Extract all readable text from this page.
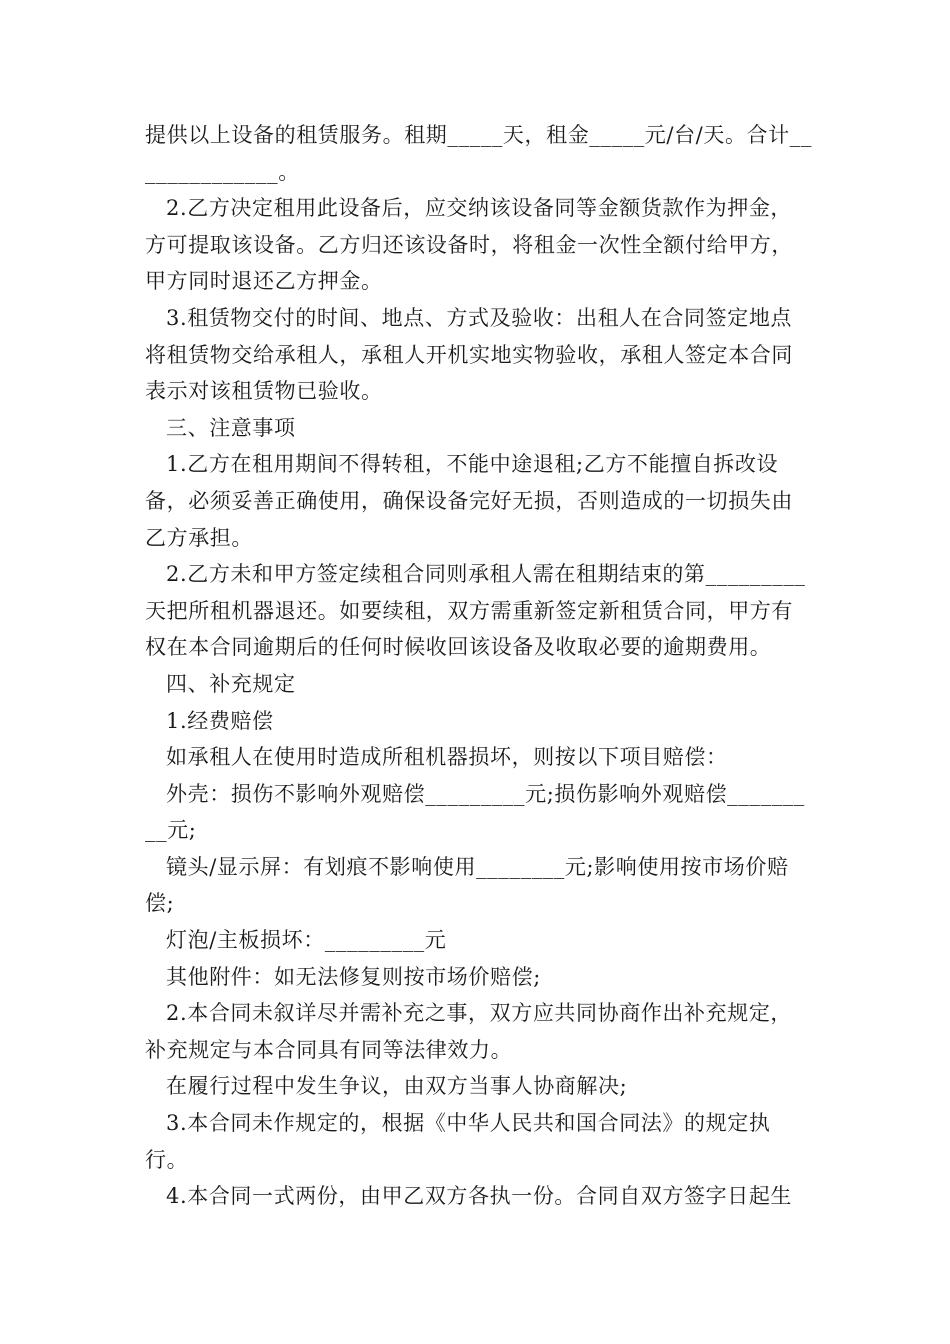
提供以上设备的租赁服务。租期_____天，租金_____元/台/天。合计______________。

2.乙方决定租用此设备后，应交纳该设备同等金额货款作为押金，方可提取该设备。乙方归还该设备时，将租金一次性全额付给甲方，甲方同时退还乙方押金。

3.租赁物交付的时间、地点、方式及验收：出租人在合同签定地点将租赁物交给承租人，承租人开机实地实物验收，承租人签定本合同表示对该租赁物已验收。

三、注意事项

1.乙方在租用期间不得转租，不能中途退租;乙方不能擅自拆改设备，必须妥善正确使用，确保设备完好无损，否则造成的一切损失由乙方承担。

2.乙方未和甲方签定续租合同则承租人需在租期结束的第_________天把所租机器退还。如要续租，双方需重新签定新租赁合同，甲方有权在本合同逾期后的任何时候收回该设备及收取必要的逾期费用。

四、补充规定

1.经费赔偿

如承租人在使用时造成所租机器损坏，则按以下项目赔偿：

外壳：损伤不影响外观赔偿_________元;损伤影响外观赔偿_________元;

镜头/显示屏：有划痕不影响使用________元;影响使用按市场价赔偿;

灯泡/主板损坏：_________元

其他附件：如无法修复则按市场价赔偿;

2.本合同未叙详尽并需补充之事，双方应共同协商作出补充规定，补充规定与本合同具有同等法律效力。

在履行过程中发生争议，由双方当事人协商解决;

3.本合同未作规定的，根据《中华人民共和国合同法》的规定执行。

4.本合同一式两份，由甲乙双方各执一份。合同自双方签字日起生
